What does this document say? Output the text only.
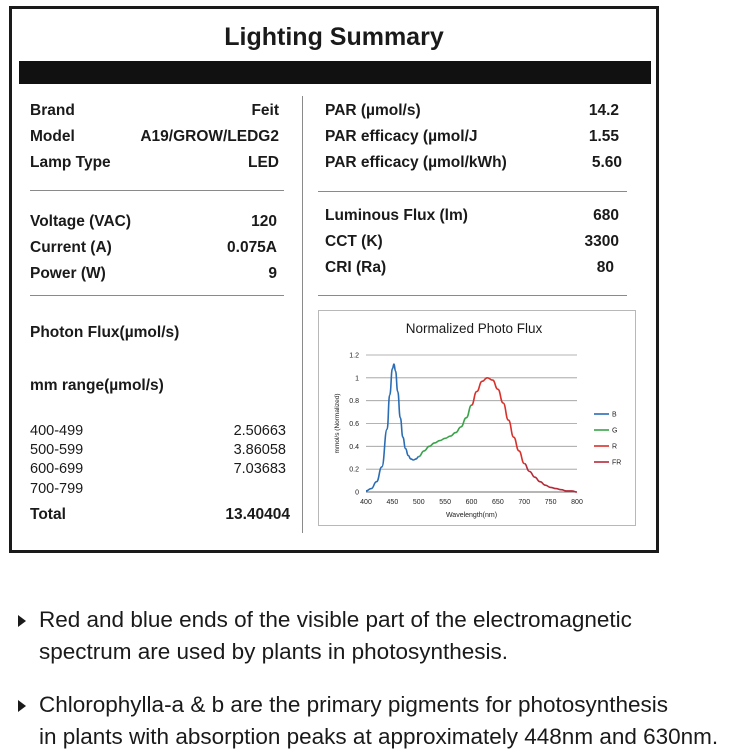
Lighting Summary
Brand	Feit
Model	A19/GROW/LEDG2
Lamp Type	LED
Voltage (VAC)	120
Current (A)	0.075A
Power (W)	9
Photon Flux(µmol/s)
mm range(µmol/s)
400-499	2.50663
500-599	3.86058
600-699	7.03683
700-799
Total	13.40404
PAR (µmol/s)	14.2
PAR efficacy (µmol/J	1.55
PAR efficacy (µmol/kWh)	5.60
Luminous Flux (lm)	680
CCT (K)	3300
CRI (Ra)	80
Normalized Photo Flux
0
0.2
0.4
0.6
0.8
1
1.2
400 450 500 550 600 650 700 750 800
Wavelength(nm)
mmol/s (Normalized)	B
G
R
FR
Red and blue ends of the visible part of the electromagnetic
spectrum are used by plants in photosynthesis.
Chlorophylla-a & b are the primary pigments for photosynthesis
in plants with absorption peaks at approximately 448nm and 630nm.
